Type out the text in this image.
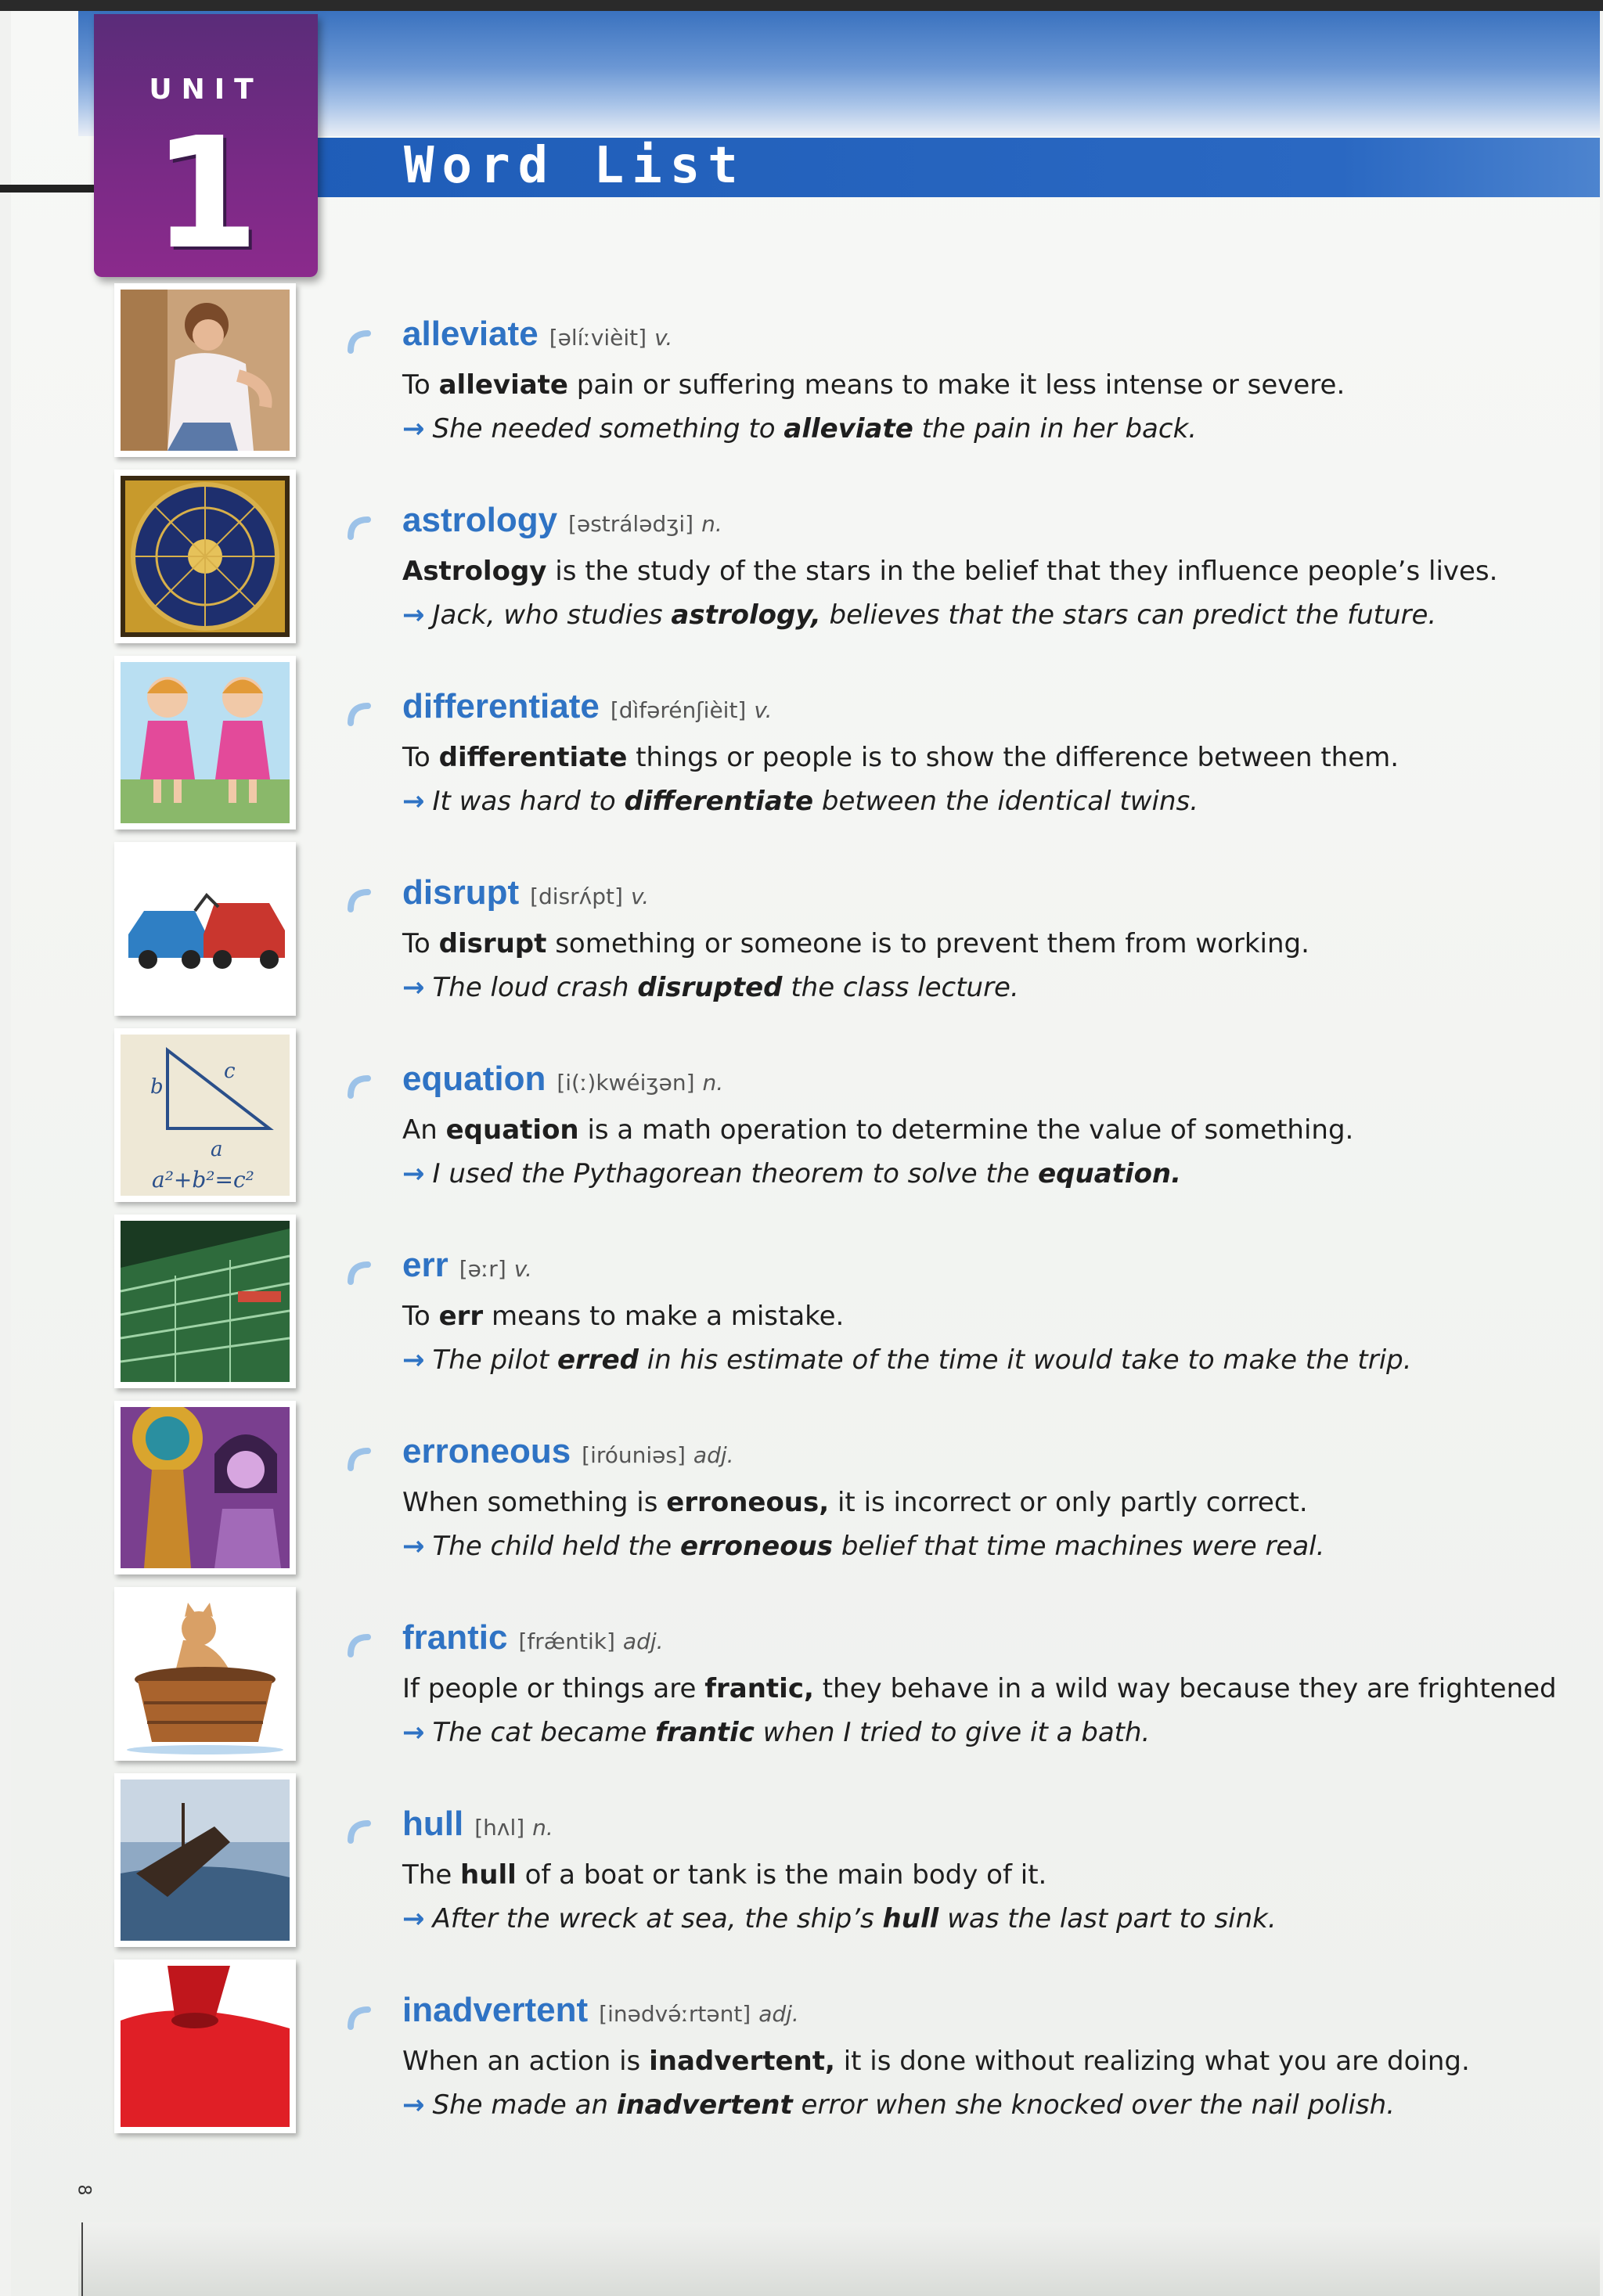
Word List
UNIT
1
8
alleviate [əlíːvièit] v.
To alleviate pain or suffering means to make it less intense or severe.
→ She needed something to alleviate the pain in her back.
astrology [əstrálədʒi] n.
Astrology is the study of the stars in the belief that they influence people’s lives.
→ Jack, who studies astrology, believes that the stars can predict the future.
differentiate [dìfərénʃièit] v.
To differentiate things or people is to show the difference between them.
→ It was hard to differentiate between the identical twins.
disrupt [disrʌ́pt] v.
To disrupt something or someone is to prevent them from working.
→ The loud crash disrupted the class lecture.
b
c
a
a²+b²=c²
equation [i(ː)kwéiʒən] n.
An equation is a math operation to determine the value of something.
→ I used the Pythagorean theorem to solve the equation.
err [əːr] v.
To err means to make a mistake.
→ The pilot erred in his estimate of the time it would take to make the trip.
erroneous [iróuniəs] adj.
When something is erroneous, it is incorrect or only partly correct.
→ The child held the erroneous belief that time machines were real.
frantic [frǽntik] adj.
If people or things are frantic, they behave in a wild way because they are frightened
→ The cat became frantic when I tried to give it a bath.
hull [hʌl] n.
The hull of a boat or tank is the main body of it.
→ After the wreck at sea, the ship’s hull was the last part to sink.
inadvertent [inədvə́ːrtənt] adj.
When an action is inadvertent, it is done without realizing what you are doing.
→ She made an inadvertent error when she knocked over the nail polish.
